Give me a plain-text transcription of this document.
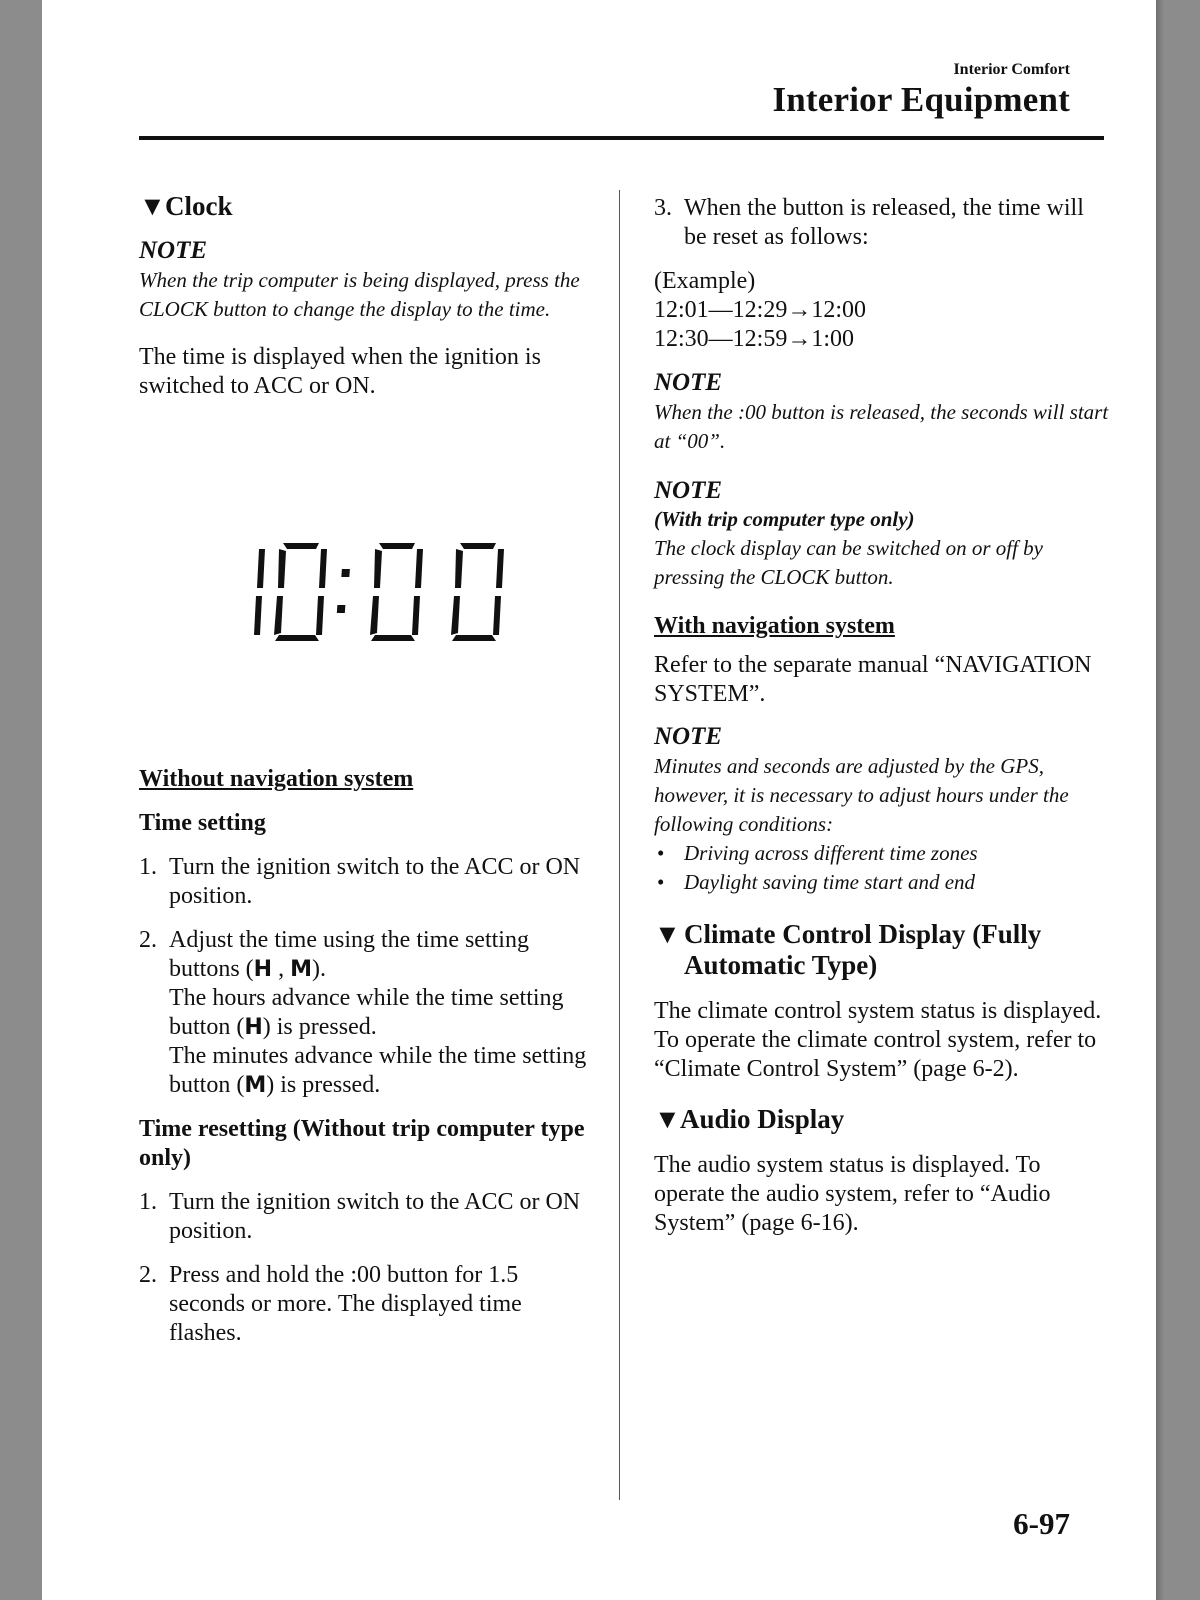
Interior Comfort
Interior Equipment
▼Clock

NOTE

When the trip computer is being displayed, press the CLOCK button to change the display to the time.

The time is displayed when the ignition is switched to ACC or ON.

Without navigation system

Time setting

1. Turn the ignition switch to the ACC or ON position.
2. Adjust the time using the time setting buttons (H , M).
The hours advance while the time setting button (H) is pressed.
The minutes advance while the time setting button (M) is pressed.

Time resetting (Without trip computer type only)

1. Turn the ignition switch to the ACC or ON position.
2. Press and hold the :00 button for 1.5 seconds or more. The displayed time flashes.
3. When the button is released, the time will be reset as follows:

(Example)

12:01—12:29→12:00

12:30—12:59→1:00

NOTE

When the :00 button is released, the seconds will start at “00”.

NOTE

(With trip computer type only)

The clock display can be switched on or off by pressing the CLOCK button.

With navigation system

Refer to the separate manual “NAVIGATION SYSTEM”.

NOTE

Minutes and seconds are adjusted by the GPS, however, it is necessary to adjust hours under the following conditions:

• Driving across different time zones
• Daylight saving time start and end
▼ Climate Control Display (Fully Automatic Type)

The climate control system status is displayed. To operate the climate control system, refer to “Climate Control System” (page 6-2).

▼Audio Display

The audio system status is displayed. To operate the audio system, refer to “Audio System” (page 6-16).

6-97
